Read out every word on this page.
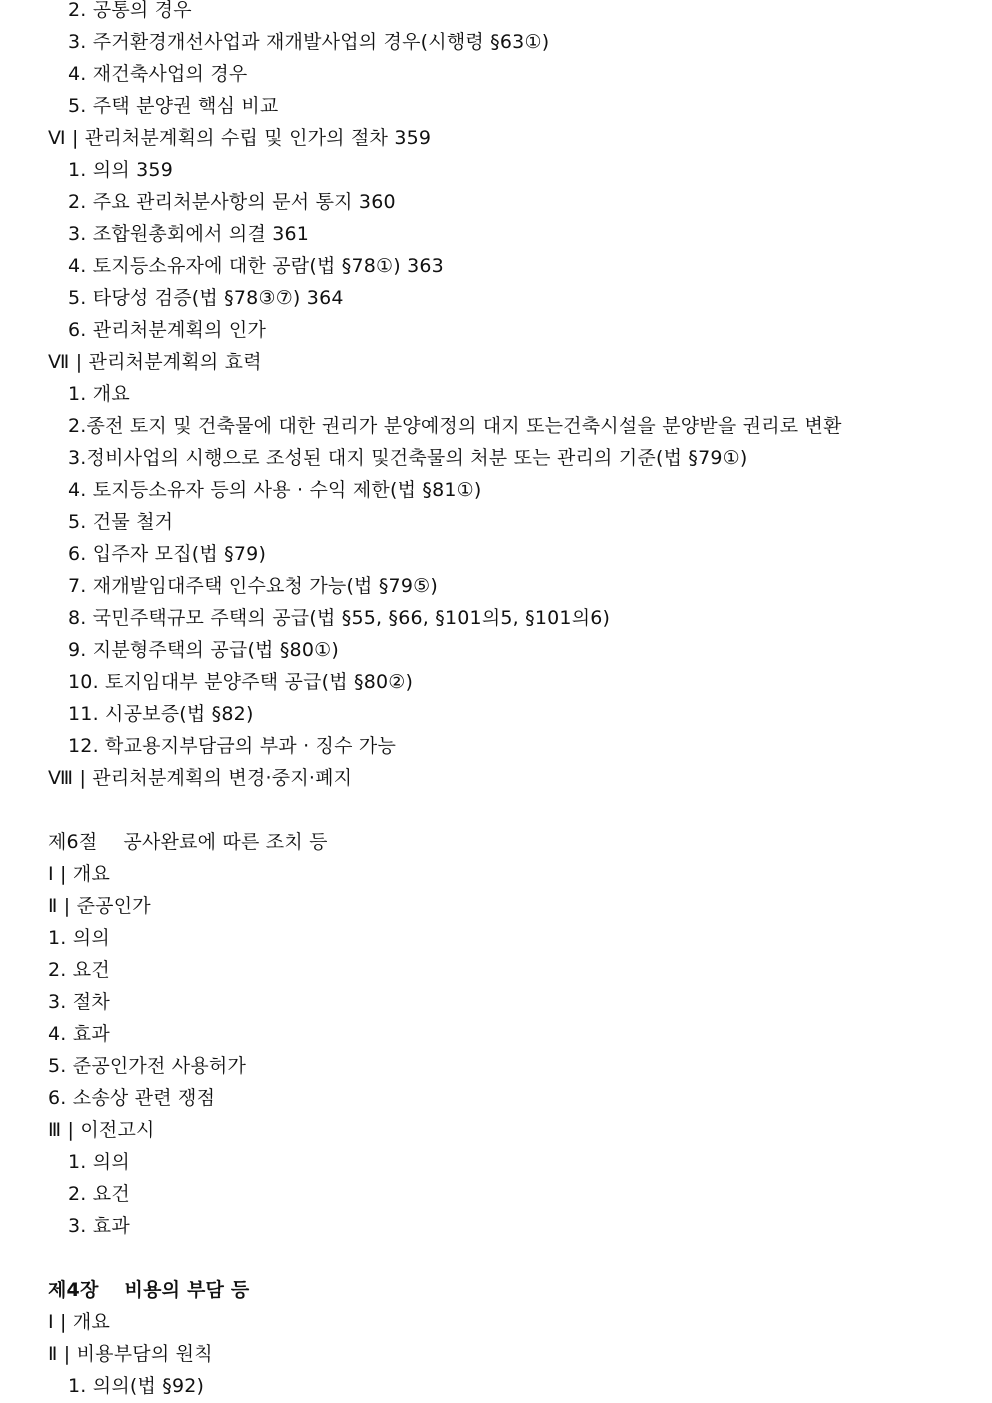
2. 공통의 경우
3. 주거환경개선사업과 재개발사업의 경우(시행령 §63①)
4. 재건축사업의 경우
5. 주택 분양권 핵심 비교
Ⅵ | 관리처분계획의 수립 및 인가의 절차 359
1. 의의 359
2. 주요 관리처분사항의 문서 통지 360
3. 조합원총회에서 의결 361
4. 토지등소유자에 대한 공람(법 §78①) 363
5. 타당성 검증(법 §78③⑦) 364
6. 관리처분계획의 인가
Ⅶ | 관리처분계획의 효력
1. 개요
2.종전 토지 및 건축물에 대한 권리가 분양예정의 대지 또는건축시설을 분양받을 권리로 변환
3.정비사업의 시행으로 조성된 대지 및건축물의 처분 또는 관리의 기준(법 §79①)
4. 토지등소유자 등의 사용 · 수익 제한(법 §81①)
5. 건물 철거
6. 입주자 모집(법 §79)
7. 재개발임대주택 인수요청 가능(법 §79⑤)
8. 국민주택규모 주택의 공급(법 §55, §66, §101의5, §101의6)
9. 지분형주택의 공급(법 §80①)
10. 토지임대부 분양주택 공급(법 §80②)
11. 시공보증(법 §82)
12. 학교용지부담금의 부과 · 징수 가능
Ⅷ | 관리처분계획의 변경·중지·폐지
제6절 공사완료에 따른 조치 등
Ⅰ | 개요
Ⅱ | 준공인가
1. 의의
2. 요건
3. 절차
4. 효과
5. 준공인가전 사용허가
6. 소송상 관련 쟁점
Ⅲ | 이전고시
1. 의의
2. 요건
3. 효과
제4장 비용의 부담 등
Ⅰ | 개요
Ⅱ | 비용부담의 원칙
1. 의의(법 §92)
